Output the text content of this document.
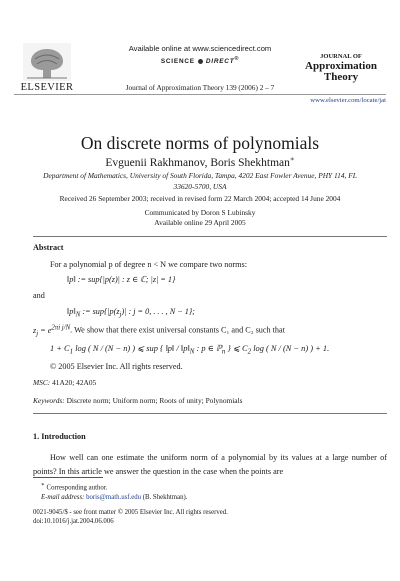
ELSEVIER
Available online at www.sciencedirect.com
SCIENCE DIRECT®
Journal of Approximation Theory 139 (2006) 2 – 7
JOURNAL OF
Approximation
Theory
www.elsevier.com/locate/jat
On discrete norms of polynomials
Evguenii Rakhmanov, Boris Shekhtman∗
Department of Mathematics, University of South Florida, Tampa, 4202 East Fowler Avenue, PHY 114, FL 33620-5700, USA
Received 26 September 2003; received in revised form 22 March 2004; accepted 14 June 2004
Communicated by Doron S Lubinsky
Available online 29 April 2005
Abstract
For a polynomial p of degree n < N we compare two norms:
‖p‖ := sup{|p(z)| : z ∈ ℂ; |z| = 1}
and
$‖p‖_N$ := $sup\{|p(z_j)|$ : j = 0, . . . , N − 1};
$z_j = e^{2\pi i j/N}$. We show that there exist universal constants C₁ and C₂ such that
$1 + C_1$ log ( N / (N − n) ) ⩽ sup { ‖p‖ / $‖p‖_N$ : p ∈ ℙ$_n$ } ⩽ $C_2$ log ( N / (N − n) ) + 1.
© 2005 Elsevier Inc. All rights reserved.
MSC: 41A20; 42A05
Keywords: Discrete norm; Uniform norm; Roots of unity; Polynomials
1. Introduction
How well can one estimate the uniform norm of a polynomial by its values at a large number of points? In this article we answer the question in the case when the points are
∗ Corresponding author.
E-mail address: boris@math.usf.edu (B. Shekhtman).
0021-9045/$ - see front matter © 2005 Elsevier Inc. All rights reserved.
doi:10.1016/j.jat.2004.06.006
